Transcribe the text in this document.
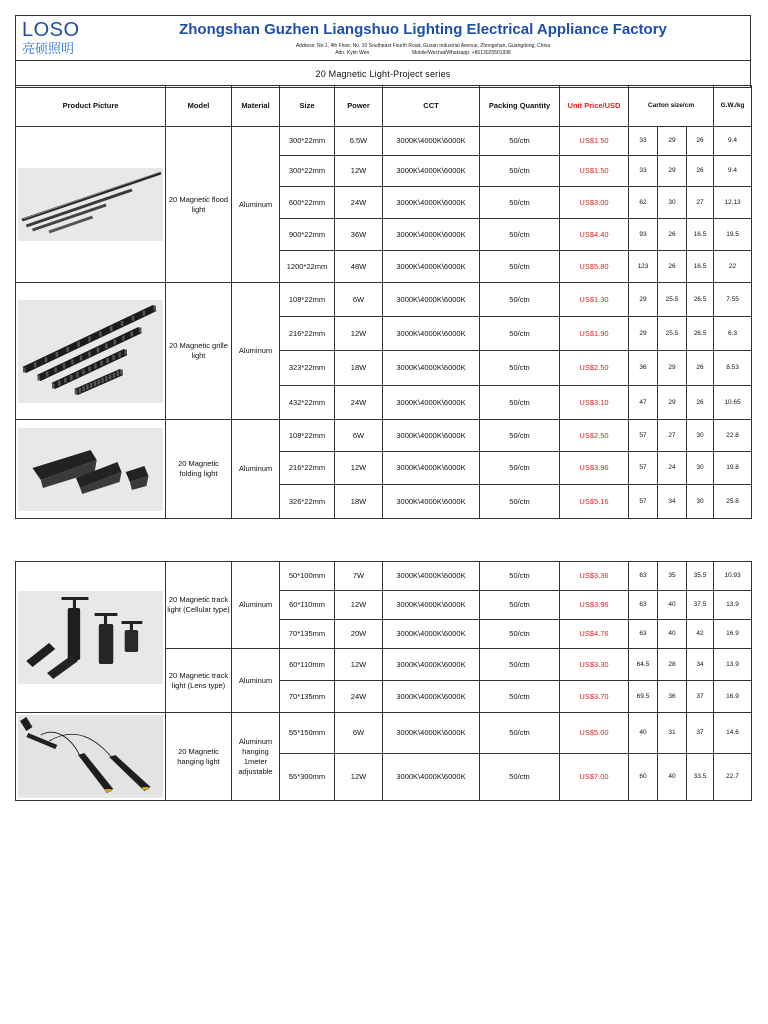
LOSO
亮硕照明
Zhongshan Guzhen Liangshuo Lighting Electrical Appliance Factory
Address: No.1, 4th Floor, No. 10 Southeast Fourth Road, Guxan Industrial Avenue, Zhongshan, Guangdong, China
Attn: Kylin Wen	Mobile/Wechat/Whatsapp: +8613025501938
20 Magnetic Light-Project series
Product Picture	Model	Material	Size	Power	CCT	Packing Quantity	Unit Price/USD	Carton size/cm			G.W./kg

	20 Magnetic flood light	Aluminum	300*22mm	6.5W	3000K\4000K\6000K	50/ctn	US$1.50	33	29	26	9.4
			300*22mm	12W	3000K\4000K\6000K	50/ctn	US$1.50	33	29	26	9.4
			600*22mm	24W	3000K\4000K\6000K	50/ctn	US$3.00	62	30	27	12.13
			900*22mm	36W	3000K\4000K\6000K	50/ctn	US$4.40	93	26	16.5	19.5
			1200*22mm	48W	3000K\4000K\6000K	50/ctn	US$5.80	123	26	16.5	22

	20 Magnetic grille light	Aluminum	108*22mm	6W	3000K\4000K\6000K	50/ctn	US$1.30	29	25.5	26.5	7.55
			216*22mm	12W	3000K\4000K\6000K	50/ctn	US$1.90	29	25.5	26.5	6.3
			323*22mm	18W	3000K\4000K\6000K	50/ctn	US$2.50	36	29	26	8.53
			432*22mm	24W	3000K\4000K\6000K	50/ctn	US$3.10	47	29	26	10.65

	20 Magnetic folding light	Aluminum	108*22mm	6W	3000K\4000K\6000K	50/ctn	US$2.50	57	27	30	22.8
			216*22mm	12W	3000K\4000K\6000K	50/ctn	US$3.96	57	24	30	19.8
			326*22mm	18W	3000K\4000K\6000K	50/ctn	US$5.16	57	34	30	25.8
	20 Magnetic track light (Cellular type)	Aluminum	50*100mm	7W	3000K\4000K\6000K	50/ctn	US$3.36	63	35	35.5	10.93
			60*110mm	12W	3000K\4000K\6000K	50/ctn	US$3.96	63	40	37.5	13.9
			70*135mm	20W	3000K\4000K\6000K	50/ctn	US$4.76	63	40	42	16.9
	20 Magnetic track light (Lens type)	Aluminum	60*110mm	12W	3000K\4000K\6000K	50/ctn	US$3.30	64.5	28	34	13.9
			70*135mm	24W	3000K\4000K\6000K	50/ctn	US$3.70	69.5	36	37	16.9

	20 Magnetic hanging light	Aluminum hanging 1meter adjustable	55*150mm	6W	3000K\4000K\6000K	50/ctn	US$5.00	40	31	37	14.6
			55*300mm	12W	3000K\4000K\6000K	50/ctn	US$7.00	60	40	33.5	22.7
